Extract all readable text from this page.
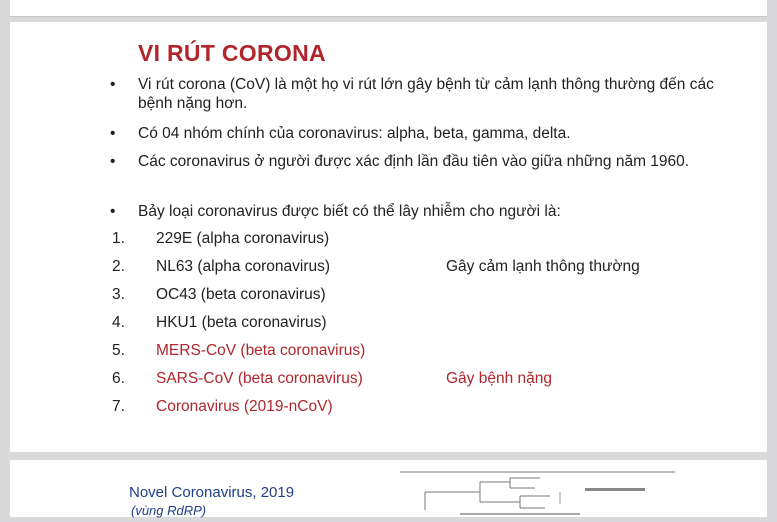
VI RÚT CORONA
• Vi rút corona (CoV) là một họ vi rút lớn gây bệnh từ cảm lạnh thông thường đến các bệnh nặng hơn.
• Có 04 nhóm chính của coronavirus: alpha, beta, gamma, delta.
• Các coronavirus ở người được xác định lần đầu tiên vào giữa những năm 1960.
• Bảy loại coronavirus được biết có thể lây nhiễm cho người là:
1. 229E (alpha coronavirus)
2. NL63 (alpha coronavirus)
3. OC43 (beta coronavirus)
4. HKU1 (beta coronavirus)
5. MERS-CoV (beta coronavirus)
6. SARS-CoV (beta coronavirus)
7. Coronavirus (2019-nCoV)
Gây cảm lạnh thông thường
Gây bệnh nặng
Novel Coronavirus, 2019
(vùng RdRP)
